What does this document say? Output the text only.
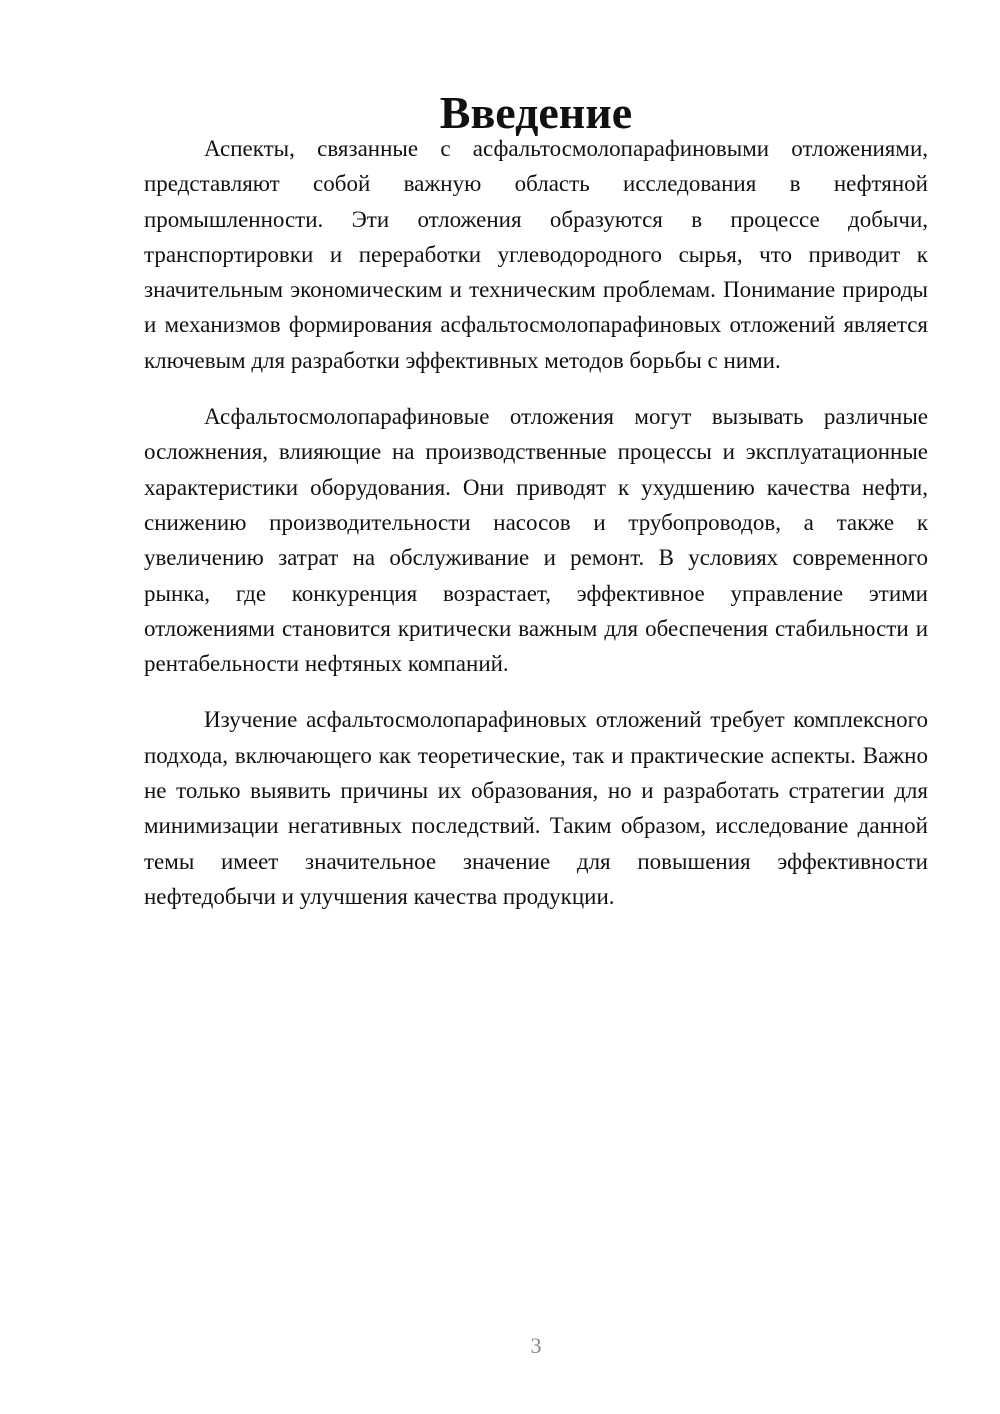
Введение

Аспекты, связанные с асфальтосмолопарафиновыми отложениями, представляют собой важную область исследования в нефтяной промышленности. Эти отложения образуются в процессе добычи, транспортировки и переработки углеводородного сырья, что приводит к значительным экономическим и техническим проблемам. Понимание природы и механизмов формирования асфальтосмолопарафиновых отложений является ключевым для разработки эффективных методов борьбы с ними.

Асфальтосмолопарафиновые отложения могут вызывать различные осложнения, влияющие на производственные процессы и эксплуатационные характеристики оборудования. Они приводят к ухудшению качества нефти, снижению производительности насосов и трубопроводов, а также к увеличению затрат на обслуживание и ремонт. В условиях современного рынка, где конкуренция возрастает, эффективное управление этими отложениями становится критически важным для обеспечения стабильности и рентабельности нефтяных компаний.

Изучение асфальтосмолопарафиновых отложений требует комплексного подхода, включающего как теоретические, так и практические аспекты. Важно не только выявить причины их образования, но и разработать стратегии для минимизации негативных последствий. Таким образом, исследование данной темы имеет значительное значение для повышения эффективности нефтедобычи и улучшения качества продукции.

3
